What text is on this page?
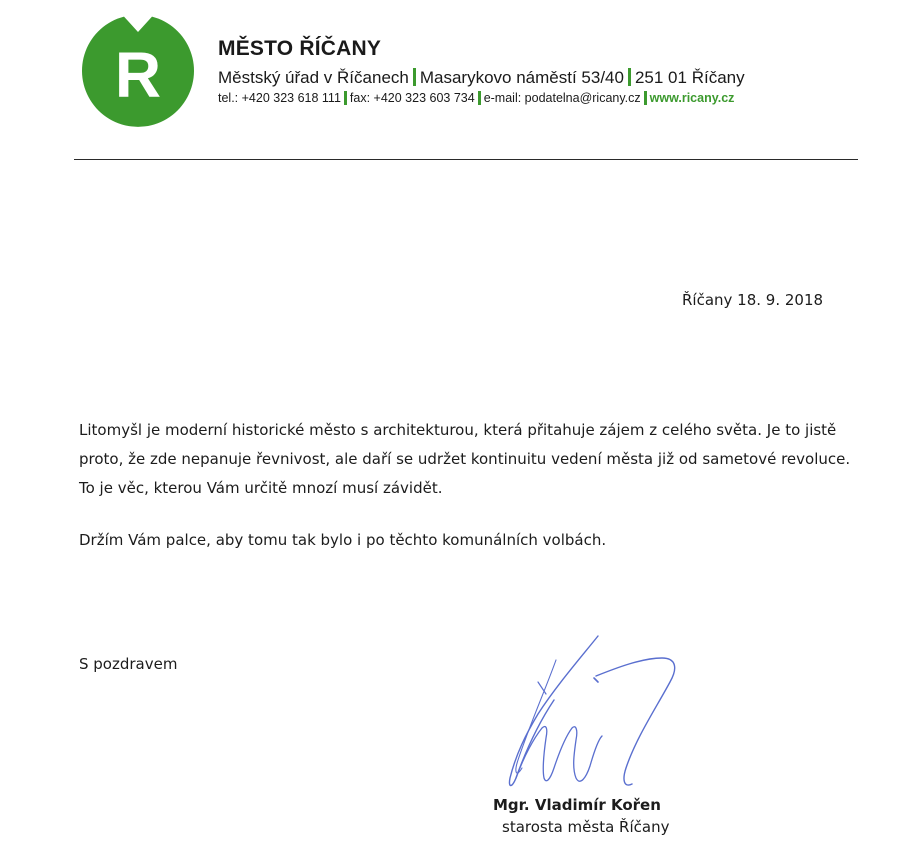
R	MĚSTO ŘÍČANY
Městský úřad v Říčanech Masarykovo náměstí 53/40 251 01 Říčany
tel.: +420 323 618 111 fax: +420 323 603 734 e-mail: podatelna@ricany.cz www.ricany.cz
Říčany 18. 9. 2018

Litomyšl je moderní historické město s architekturou, která přitahuje zájem z celého světa. Je to jistě
proto, že zde nepanuje řevnivost, ale daří se udržet kontinuitu vedení města již od sametové revoluce.
To je věc, kterou Vám určitě mnozí musí závidět.

Držím Vám palce, aby tomu tak bylo i po těchto komunálních volbách.

S pozdravem
Mgr. Vladimír Kořen
starosta města Říčany
